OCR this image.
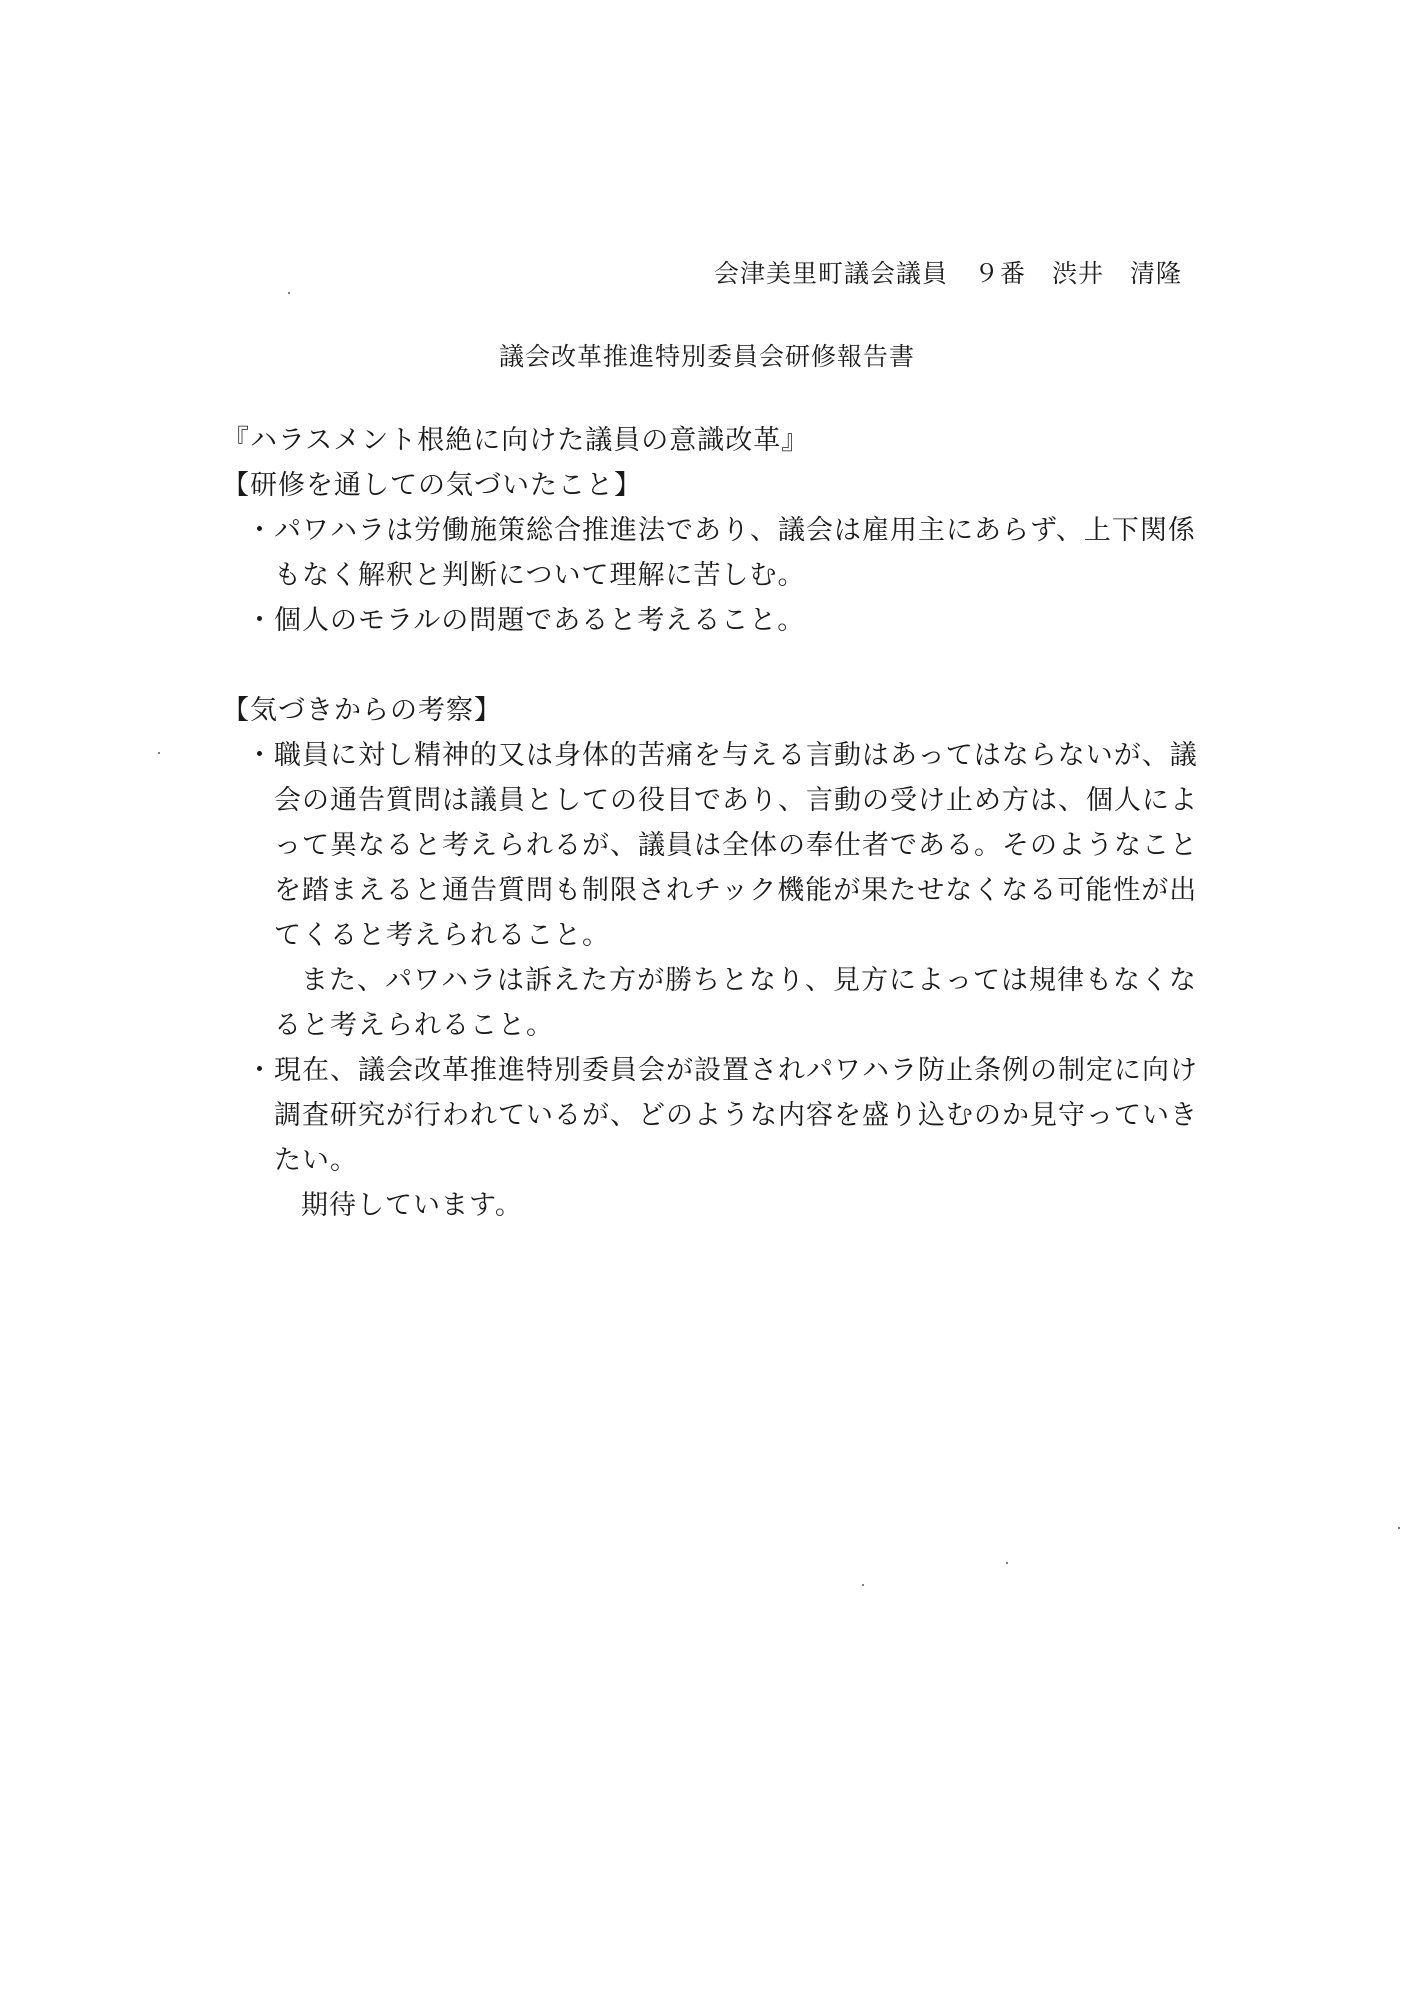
会津美里町議会議員　９番　渋井　清隆
議会改革推進特別委員会研修報告書

『ハラスメント根絶に向けた議員の意識改革』

【研修を通しての気づいたこと】

・パワハラは労働施策総合推進法であり、議会は雇用主にあらず、上下関係もなく解釈と判断について理解に苦しむ。

・個人のモラルの問題であると考えること。

【気づきからの考察】

・職員に対し精神的又は身体的苦痛を与える言動はあってはならないが、議会の通告質問は議員としての役目であり、言動の受け止め方は、個人によって異なると考えられるが、議員は全体の奉仕者である。そのようなことを踏まえると通告質問も制限されチック機能が果たせなくなる可能性が出てくると考えられること。

また、パワハラは訴えた方が勝ちとなり、見方によっては規律もなくなると考えられること。

・現在、議会改革推進特別委員会が設置されパワハラ防止条例の制定に向け調査研究が行われているが、どのような内容を盛り込むのか見守っていきたい。

期待しています。
